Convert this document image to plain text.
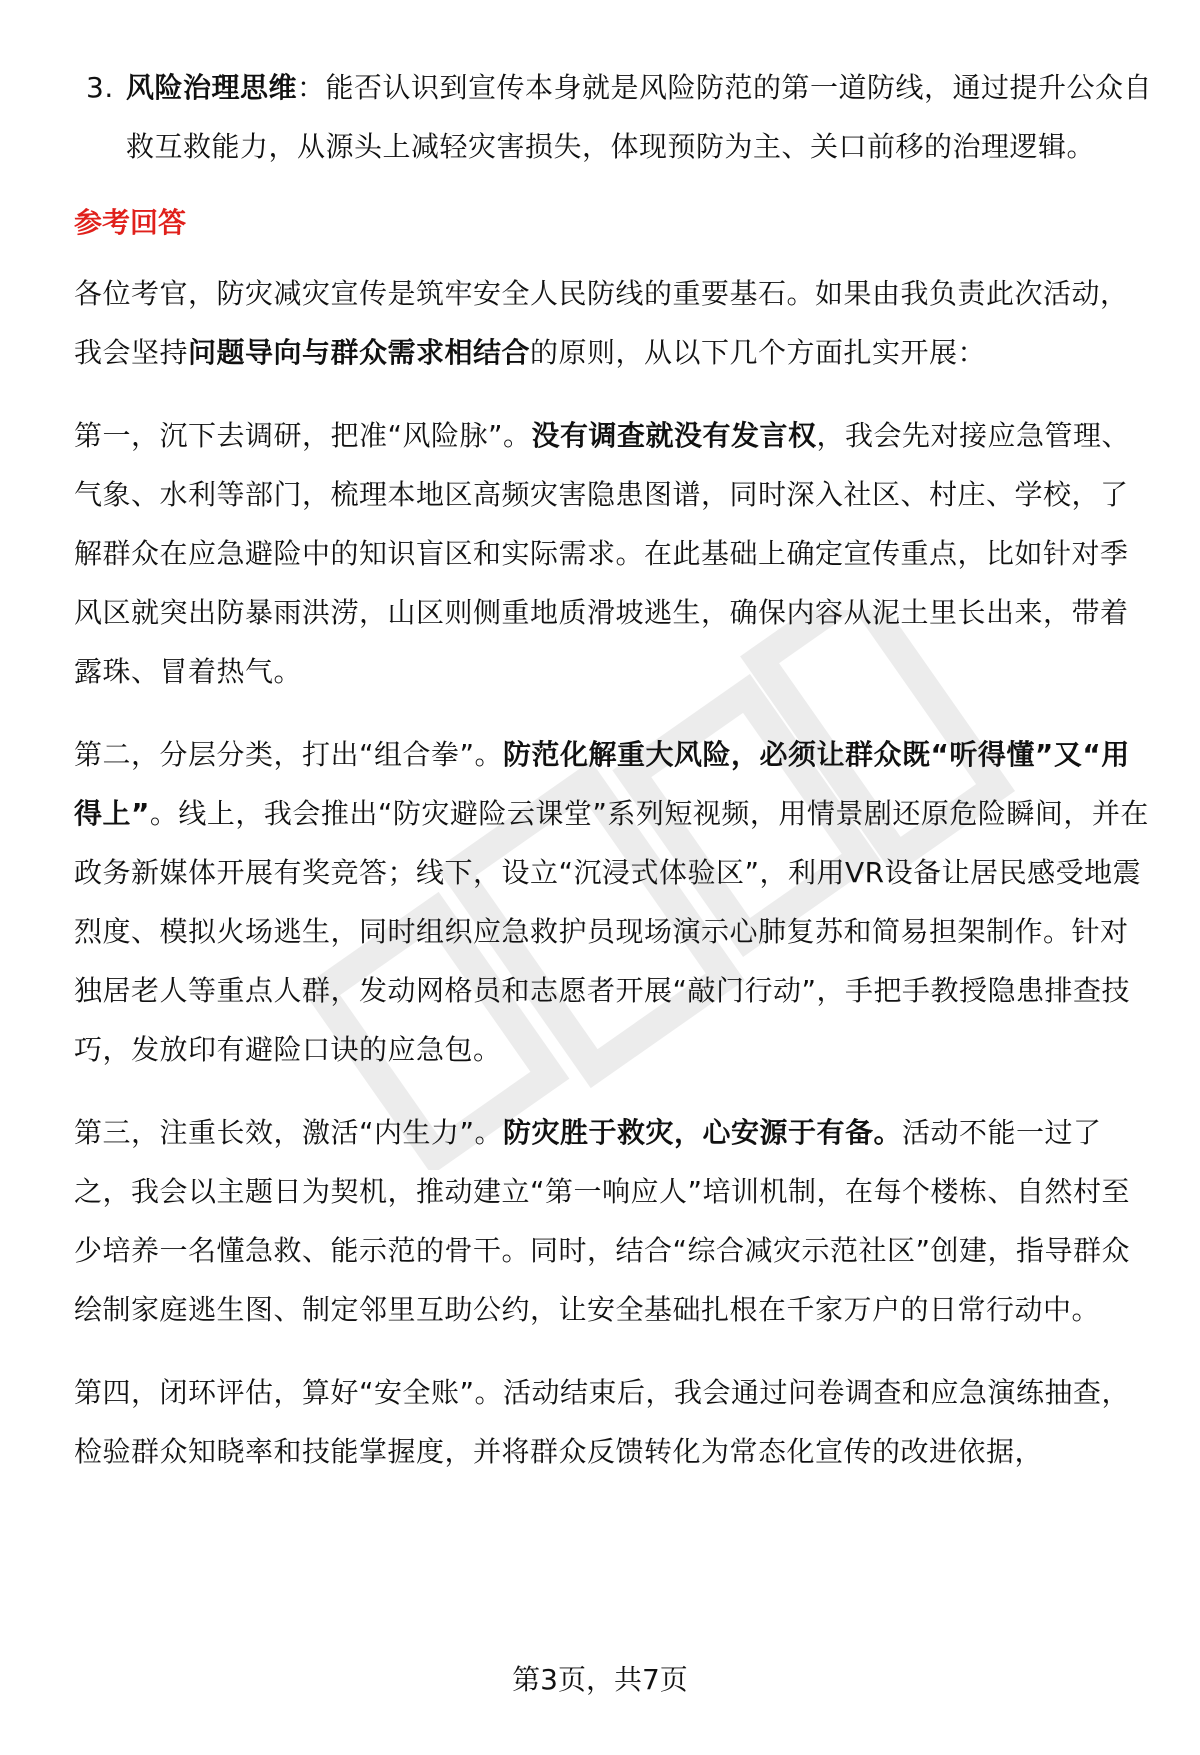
3. 风险治理思维：能否认识到宣传本身就是风险防范的第一道防线，通过提升公众自救互救能力，从源头上减轻灾害损失，体现预防为主、关口前移的治理逻辑。
参考回答

各位考官，防灾减灾宣传是筑牢安全人民防线的重要基石。如果由我负责此次活动，我会坚持问题导向与群众需求相结合的原则，从以下几个方面扎实开展：

第一，沉下去调研，把准“风险脉”。没有调查就没有发言权，我会先对接应急管理、气象、水利等部门，梳理本地区高频灾害隐患图谱，同时深入社区、村庄、学校，了解群众在应急避险中的知识盲区和实际需求。在此基础上确定宣传重点，比如针对季风区就突出防暴雨洪涝，山区则侧重地质滑坡逃生，确保内容从泥土里长出来，带着露珠、冒着热气。

第二，分层分类，打出“组合拳”。防范化解重大风险，必须让群众既“听得懂”又“用得上”。线上，我会推出“防灾避险云课堂”系列短视频，用情景剧还原危险瞬间，并在政务新媒体开展有奖竞答；线下，设立“沉浸式体验区”，利用VR设备让居民感受地震烈度、模拟火场逃生，同时组织应急救护员现场演示心肺复苏和简易担架制作。针对独居老人等重点人群，发动网格员和志愿者开展“敲门行动”，手把手教授隐患排查技巧，发放印有避险口诀的应急包。

第三，注重长效，激活“内生力”。防灾胜于救灾，心安源于有备。活动不能一过了之，我会以主题日为契机，推动建立“第一响应人”培训机制，在每个楼栋、自然村至少培养一名懂急救、能示范的骨干。同时，结合“综合减灾示范社区”创建，指导群众绘制家庭逃生图、制定邻里互助公约，让安全基础扎根在千家万户的日常行动中。

第四，闭环评估，算好“安全账”。活动结束后，我会通过问卷调查和应急演练抽查，检验群众知晓率和技能掌握度，并将群众反馈转化为常态化宣传的改进依据，

第3页，共7页
